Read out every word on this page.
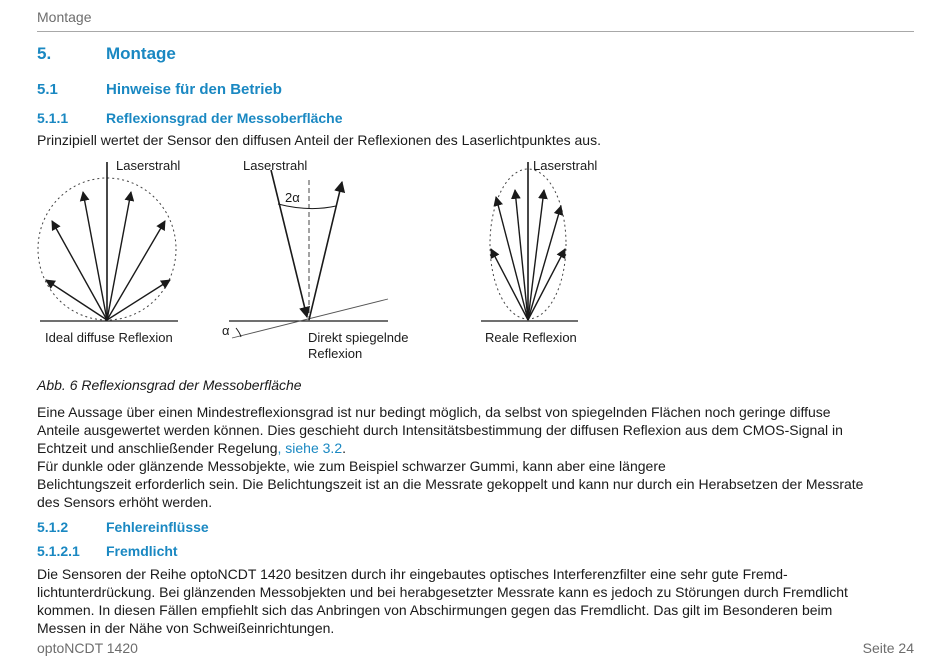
Montage
5.	Montage
5.1	Hinweise für den Betrieb
5.1.1	Reflexionsgrad der Messoberfläche
Prinzipiell wertet der Sensor den diffusen Anteil der Reflexionen des Laserlichtpunktes aus.
Laserstrahl
Ideal diffuse Reflexion
Laserstrahl
2α
α	Direkt spiegelnde
Reflexion
Laserstrahl
Reale Reflexion
Abb. 6 Reflexionsgrad der Messoberfläche
Eine Aussage über einen Mindestreflexionsgrad ist nur bedingt möglich, da selbst von spiegelnden Flächen noch geringe diffuse
Anteile ausgewertet werden können. Dies geschieht durch Intensitätsbestimmung der diffusen Reflexion aus dem CMOS-Signal in
Echtzeit und anschließender Regelung, siehe 3.2.
Für dunkle oder glänzende Messobjekte, wie zum Beispiel schwarzer Gummi, kann aber eine längere
Belichtungszeit erforderlich sein. Die Belichtungszeit ist an die Messrate gekoppelt und kann nur durch ein Herabsetzen der Messrate
des Sensors erhöht werden.
5.1.2	Fehlereinflüsse
5.1.2.1 Fremdlicht
Die Sensoren der Reihe optoNCDT 1420 besitzen durch ihr eingebautes optisches Interferenzfilter eine sehr gute Fremd-
lichtunterdrückung. Bei glänzenden Messobjekten und bei herabgesetzter Messrate kann es jedoch zu Störungen durch Fremdlicht
kommen. In diesen Fällen empfiehlt sich das Anbringen von Abschirmungen gegen das Fremdlicht. Das gilt im Besonderen beim
Messen in der Nähe von Schweißeinrichtungen.
optoNCDT 1420	Seite 24
